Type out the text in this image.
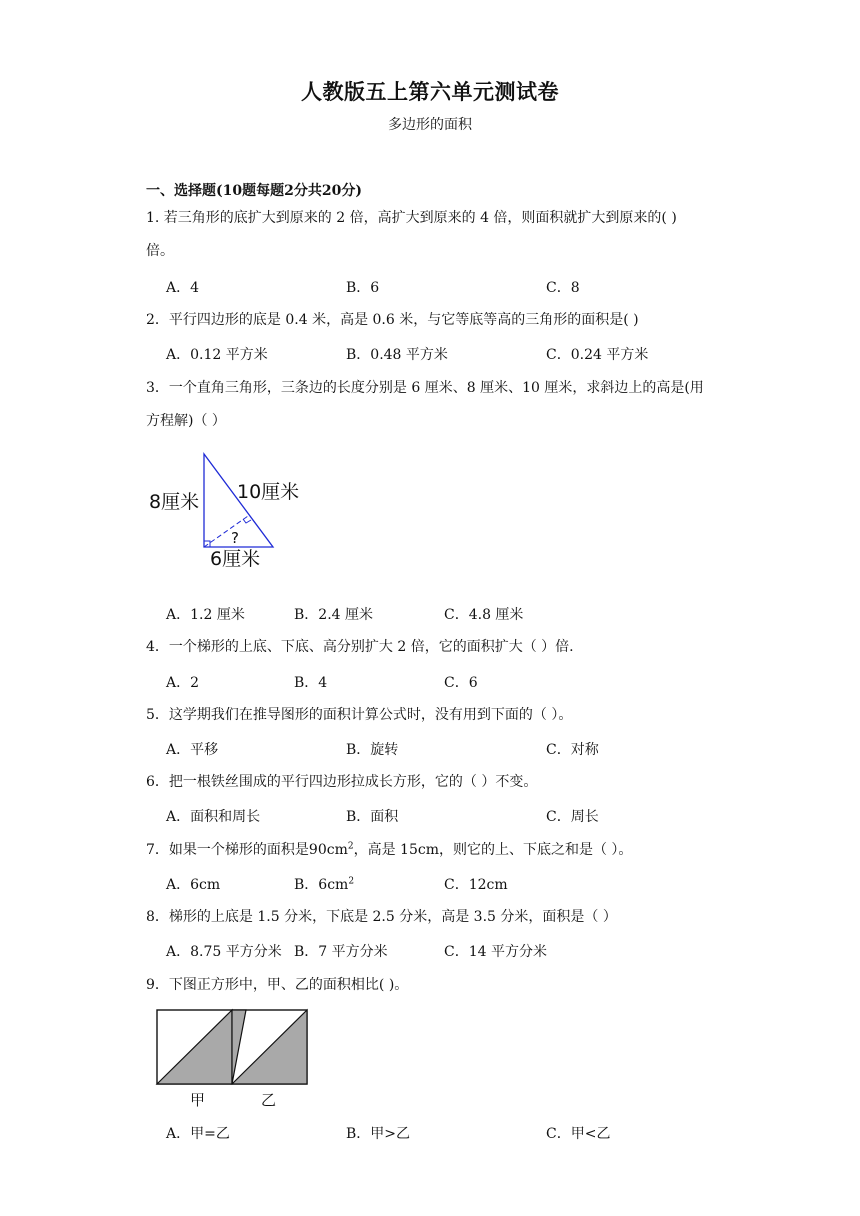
人教版五上第六单元测试卷
多边形的面积
一、选择题(10题每题2分共20分)
1. 若三角形的底扩大到原来的 2 倍，高扩大到原来的 4 倍，则面积就扩大到原来的( )
倍。
A．4	B．6	C．8
2．平行四边形的底是 0.4 米，高是 0.6 米，与它等底等高的三角形的面积是( )
A．0.12 平方米	B．0.48 平方米	C．0.24 平方米
3．一个直角三角形，三条边的长度分别是 6 厘米、8 厘米、10 厘米，求斜边上的高是(用
方程解)（ ）
8厘米 10厘米
?
6厘米
A．1.2 厘米	B．2.4 厘米	C．4.8 厘米
4．一个梯形的上底、下底、高分别扩大 2 倍，它的面积扩大（ ）倍.
A．2	B．4	C．6
5．这学期我们在推导图形的面积计算公式时，没有用到下面的（ ）。
A．平移	B．旋转	C．对称
6．把一根铁丝围成的平行四边形拉成长方形，它的（ ）不变。
A．面积和周长	B．面积	C．周长
7．如果一个梯形的面积是$90cm^2$，高是 15cm，则它的上、下底之和是（ ）。
A．6cm	B．$6cm^2$	C．12cm
8．梯形的上底是 1.5 分米，下底是 2.5 分米，高是 3.5 分米，面积是（ ）
A．8.75 平方分米 B．7 平方分米	C．14 平方分米
9．下图正方形中，甲、乙的面积相比( )。
甲	乙
A．甲=乙	B．甲>乙	C．甲<乙
